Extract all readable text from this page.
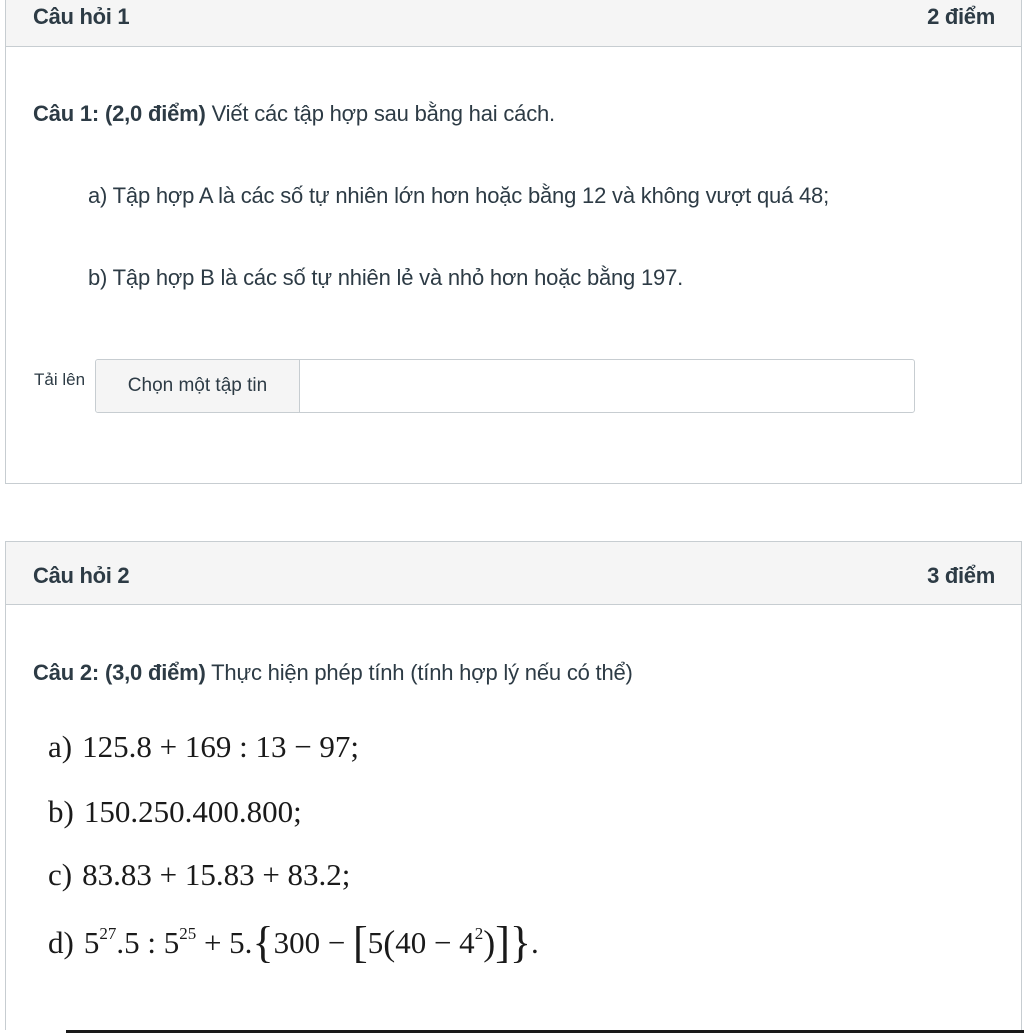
Câu hỏi 1	2 điểm
Câu 1: (2,0 điểm) Viết các tập hợp sau bằng hai cách.
a) Tập hợp A là các số tự nhiên lớn hơn hoặc bằng 12 và không vượt quá 48;
b) Tập hợp B là các số tự nhiên lẻ và nhỏ hơn hoặc bằng 197.
Tải lên	Chọn một tập tin
Câu hỏi 2	3 điểm
Câu 2: (3,0 điểm) Thực hiện phép tính (tính hợp lý nếu có thể)
a) 125.8 + 169 : 13 − 97;
b) 150.250.400.800;
c) 83.83 + 15.83 + 83.2;
d) $5^{27}.5$ : $5^{25} + 5.\{300 - [5(40 - 4^2)]\}$.
